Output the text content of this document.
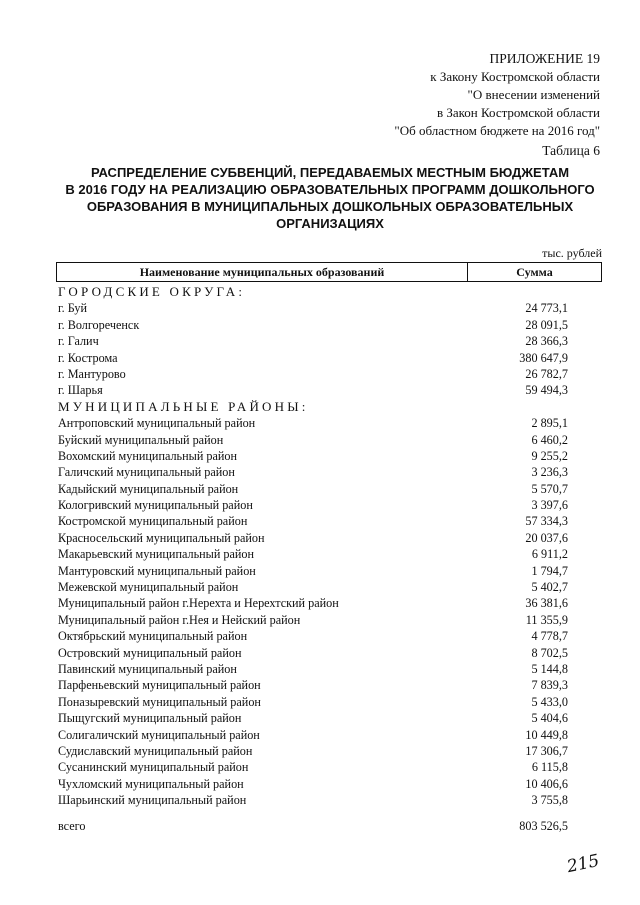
ПРИЛОЖЕНИЕ 19
к Закону Костромской области
"О внесении изменений
в Закон Костромской области
"Об областном бюджете на 2016 год"
Таблица 6
РАСПРЕДЕЛЕНИЕ СУБВЕНЦИЙ, ПЕРЕДАВАЕМЫХ МЕСТНЫМ БЮДЖЕТАМ
В 2016 ГОДУ НА РЕАЛИЗАЦИЮ ОБРАЗОВАТЕЛЬНЫХ ПРОГРАММ ДОШКОЛЬНОГО
ОБРАЗОВАНИЯ В МУНИЦИПАЛЬНЫХ ДОШКОЛЬНЫХ ОБРАЗОВАТЕЛЬНЫХ
ОРГАНИЗАЦИЯХ
тыс. рублей
Наименование муниципальных образований	Сумма
ГОРОДСКИЕ ОКРУГА:
г. Буй	24 773,1
г. Волгореченск	28 091,5
г. Галич	28 366,3
г. Кострома	380 647,9
г. Мантурово	26 782,7
г. Шарья	59 494,3
МУНИЦИПАЛЬНЫЕ РАЙОНЫ:
Антроповский муниципальный район	2 895,1
Буйский муниципальный район	6 460,2
Вохомский муниципальный район	9 255,2
Галичский муниципальный район	3 236,3
Кадыйский муниципальный район	5 570,7
Кологривский муниципальный район	3 397,6
Костромской муниципальный район	57 334,3
Красносельский муниципальный район	20 037,6
Макарьевский муниципальный район	6 911,2
Мантуровский муниципальный район	1 794,7
Межевской муниципальный район	5 402,7
Муниципальный район г.Нерехта и Нерехтский район	36 381,6
Муниципальный район г.Нея и Нейский район	11 355,9
Октябрьский муниципальный район	4 778,7
Островский муниципальный район	8 702,5
Павинский муниципальный район	5 144,8
Парфеньевский муниципальный район	7 839,3
Поназыревский муниципальный район	5 433,0
Пыщугский муниципальный район	5 404,6
Солигаличский муниципальный район	10 449,8
Судиславский муниципальный район	17 306,7
Сусанинский муниципальный район	6 115,8
Чухломский муниципальный район	10 406,6
Шарьинский муниципальный район	3 755,8
всего	803 526,5
215
